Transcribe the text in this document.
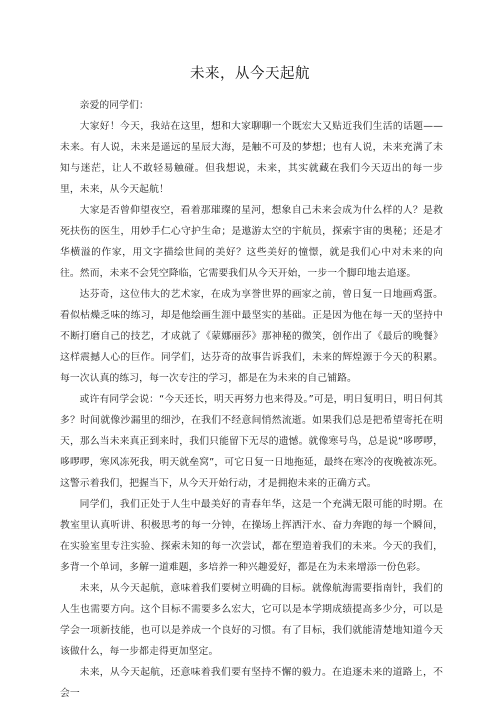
未来，从今天起航

亲爱的同学们：

大家好！今天，我站在这里，想和大家聊聊一个既宏大又贴近我们生活的话题——未来。有人说，未来是遥远的星辰大海，是触不可及的梦想；也有人说，未来充满了未知与迷茫，让人不敢轻易触碰。但我想说，未来，其实就藏在我们今天迈出的每一步里，未来，从今天起航！

大家是否曾仰望夜空，看着那璀璨的星河，想象自己未来会成为什么样的人？是救死扶伤的医生，用妙手仁心守护生命；是遨游太空的宇航员，探索宇宙的奥秘；还是才华横溢的作家，用文字描绘世间的美好？这些美好的憧憬，就是我们心中对未来的向往。然而，未来不会凭空降临，它需要我们从今天开始，一步一个脚印地去追逐。

达芬奇，这位伟大的艺术家，在成为享誉世界的画家之前，曾日复一日地画鸡蛋。看似枯燥乏味的练习，却是他绘画生涯中最坚实的基础。正是因为他在每一天的坚持中不断打磨自己的技艺，才成就了《蒙娜丽莎》那神秘的微笑，创作出了《最后的晚餐》这样震撼人心的巨作。同学们，达芬奇的故事告诉我们，未来的辉煌源于今天的积累。每一次认真的练习，每一次专注的学习，都是在为未来的自己铺路。

或许有同学会说：“今天还长，明天再努力也来得及。”可是，明日复明日，明日何其多？时间就像沙漏里的细沙，在我们不经意间悄然流逝。如果我们总是把希望寄托在明天，那么当未来真正到来时，我们只能留下无尽的遗憾。就像寒号鸟，总是说“哆啰啰，哆啰啰，寒风冻死我，明天就垒窝”，可它日复一日地拖延，最终在寒冷的夜晚被冻死。这警示着我们，把握当下，从今天开始行动，才是拥抱未来的正确方式。

同学们，我们正处于人生中最美好的青春年华，这是一个充满无限可能的时期。在教室里认真听讲、积极思考的每一分钟，在操场上挥洒汗水、奋力奔跑的每一个瞬间，在实验室里专注实验、探索未知的每一次尝试，都在塑造着我们的未来。今天的我们，多背一个单词，多解一道难题，多培养一种兴趣爱好，都是在为未来增添一份色彩。

未来，从今天起航，意味着我们要树立明确的目标。就像航海需要指南针，我们的人生也需要方向。这个目标不需要多么宏大，它可以是本学期成绩提高多少分，可以是学会一项新技能，也可以是养成一个良好的习惯。有了目标，我们就能清楚地知道今天该做什么，每一步都走得更加坚定。

未来，从今天起航，还意味着我们要有坚持不懈的毅力。在追逐未来的道路上，不会一
